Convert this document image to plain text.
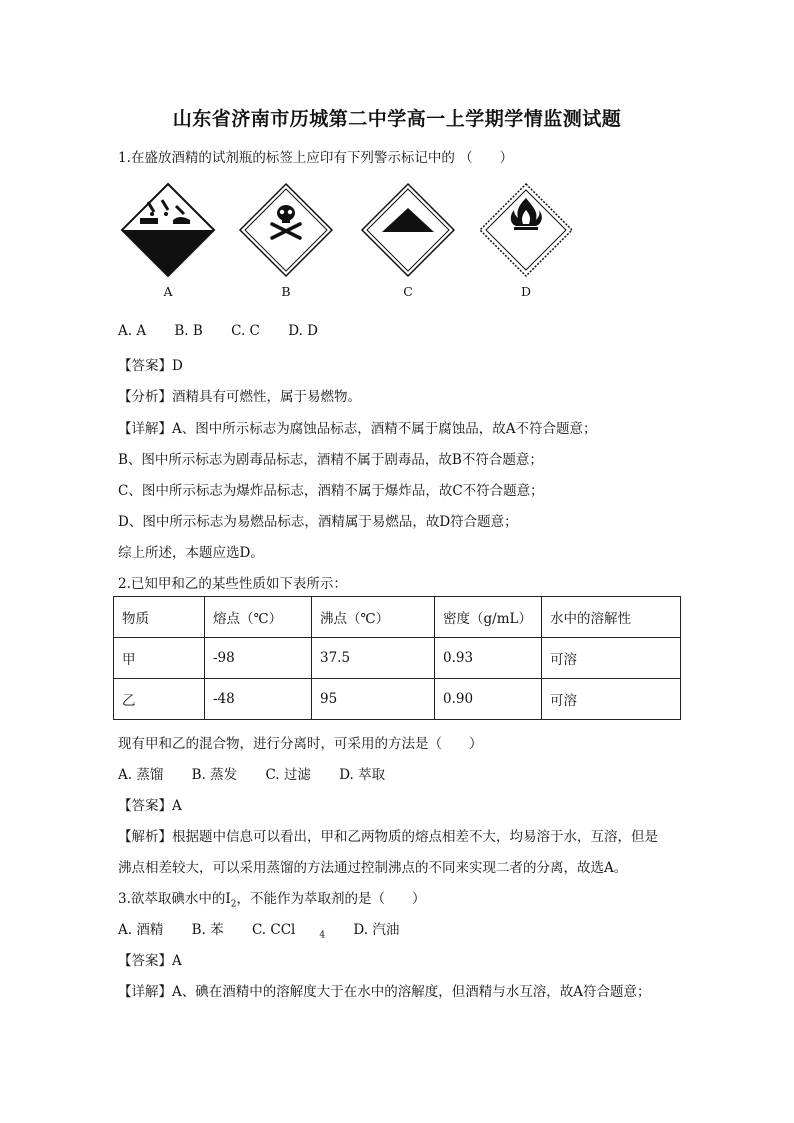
山东省济南市历城第二中学高一上学期学情监测试题
1.在盛放酒精的试剂瓶的标签上应印有下列警示标记中的 （　　）
A	B	C	D
A. A B. B C. C D. D
【答案】D
【分析】酒精具有可燃性，属于易燃物。
【详解】A、图中所示标志为腐蚀品标志，酒精不属于腐蚀品，故A不符合题意；
B、图中所示标志为剧毒品标志，酒精不属于剧毒品，故B不符合题意；
C、图中所示标志为爆炸品标志，酒精不属于爆炸品，故C不符合题意；
D、图中所示标志为易燃品标志，酒精属于易燃品，故D符合题意；
综上所述，本题应选D。
2.已知甲和乙的某些性质如下表所示：
物质	熔点（℃）	沸点（℃）	密度（g/mL）	水中的溶解性
甲	-98	37.5	0.93	可溶
乙	-48	95	0.90	可溶
现有甲和乙的混合物，进行分离时，可采用的方法是（　　）
A. 蒸馏 B. 蒸发 C. 过滤 D. 萃取
【答案】A
【解析】根据题中信息可以看出，甲和乙两物质的熔点相差不大，均易溶于水，互溶，但是
沸点相差较大，可以采用蒸馏的方法通过控制沸点的不同来实现二者的分离，故选A。
3.欲萃取碘水中的$I_2$，不能作为萃取剂的是（　　）
A. 酒精 B. 苯 C. CCl	$_4$ D. 汽油
【答案】A
【详解】A、碘在酒精中的溶解度大于在水中的溶解度，但酒精与水互溶，故A符合题意；
